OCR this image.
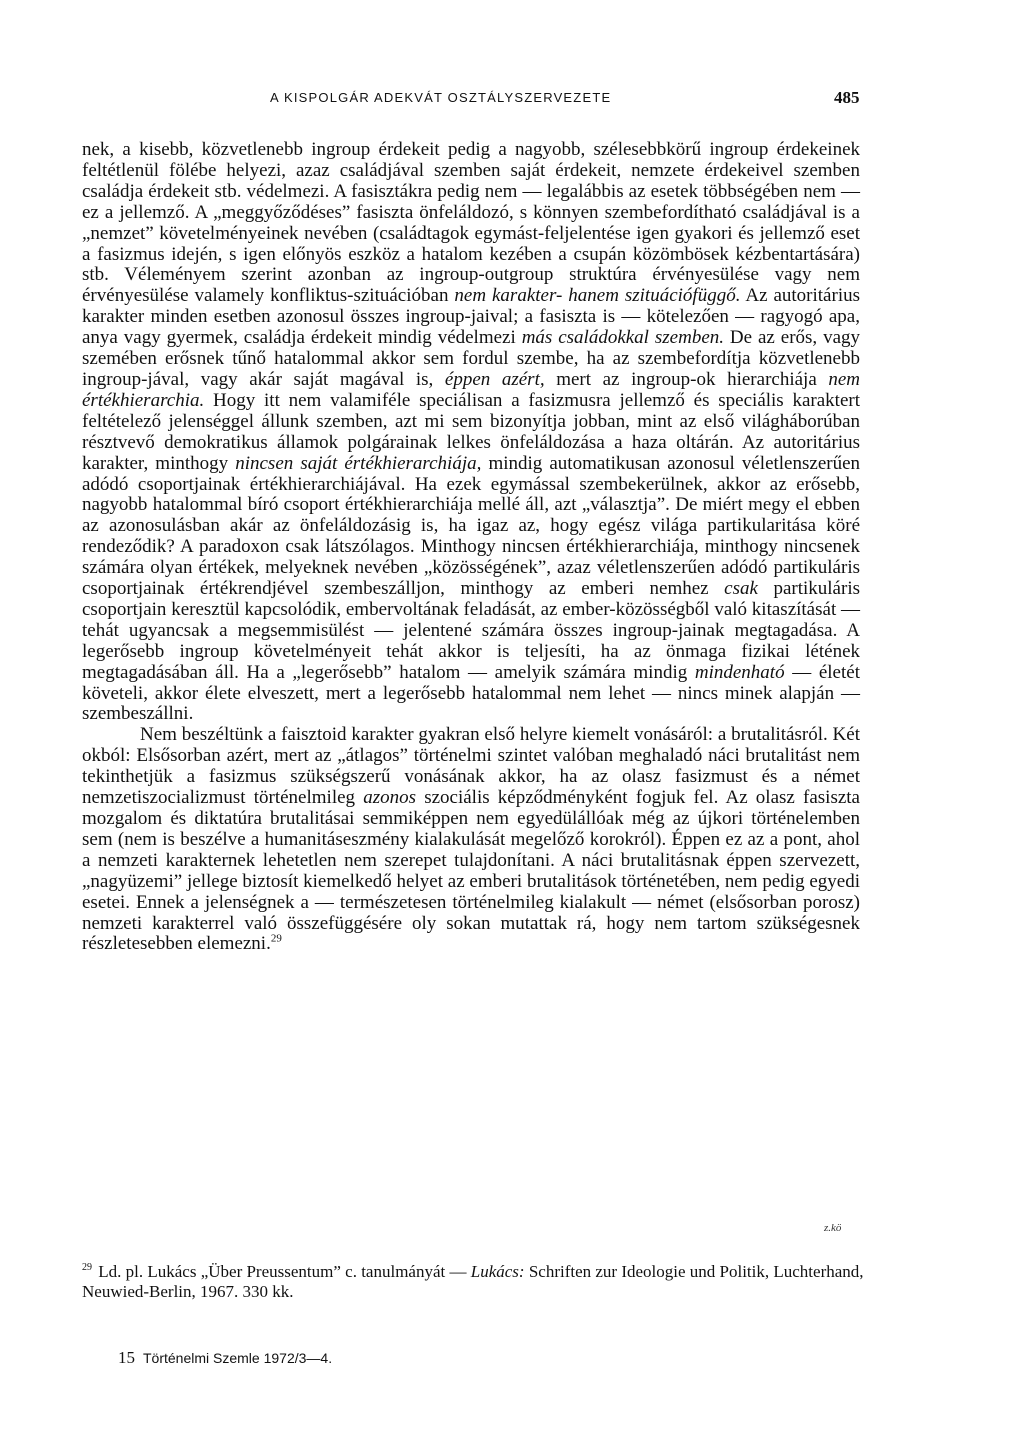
A KISPOLGÁR ADEKVÁT OSZTÁLYSZERVEZETE	485

nek, a kisebb, közvetlenebb ingroup érdekeit pedig a nagyobb, szélesebbkörű ingroup érdekeinek feltétlenül fölébe helyezi, azaz családjával szemben saját érdekeit, nemzete érdekeivel szemben családja érdekeit stb. védelmezi. A fasisztákra pedig nem — legalábbis az esetek többségében nem — ez a jellemző. A „meggyőződéses” fasiszta önfeláldozó, s könnyen szembefordítható családjával is a „nemzet” követelményeinek nevében (családtagok egymást-feljelentése igen gyakori és jellemző eset a fasizmus idején, s igen előnyös eszköz a hatalom kezében a csupán közömbösek kézbentartására) stb. Véleményem szerint azonban az ingroup-outgroup struktúra érvényesülése vagy nem érvényesülése valamely konfliktus-szituációban nem karakter- hanem szituációfüggő. Az autoritárius karakter minden esetben azonosul összes ingroup-jaival; a fasiszta is — kötelezően — ragyogó apa, anya vagy gyermek, családja érdekeit mindig védelmezi más családokkal szemben. De az erős, vagy szemében erősnek tűnő hatalommal akkor sem fordul szembe, ha az szembefordítja közvetlenebb ingroup-jával, vagy akár saját magával is, éppen azért, mert az ingroup-ok hierarchiája nem értékhierarchia. Hogy itt nem valamiféle speciálisan a fasizmusra jellemző és speciális karaktert feltételező jelenséggel állunk szemben, azt mi sem bizonyítja jobban, mint az első világháborúban résztvevő demokratikus államok polgárainak lelkes önfeláldozása a haza oltárán. Az autoritárius karakter, minthogy nincsen saját értékhierarchiája, mindig automatikusan azonosul véletlenszerűen adódó csoportjainak értékhierarchiájával. Ha ezek egymással szembekerülnek, akkor az erősebb, nagyobb hatalommal bíró csoport értékhierarchiája mellé áll, azt „választja”. De miért megy el ebben az azonosulásban akár az önfeláldozásig is, ha igaz az, hogy egész világa partikularitása köré rendeződik? A paradoxon csak látszólagos. Minthogy nincsen értékhierarchiája, minthogy nincsenek számára olyan értékek, melyeknek nevében „közösségének”, azaz véletlenszerűen adódó partikuláris csoportjainak értékrendjével szembeszálljon, minthogy az emberi nemhez csak partikuláris csoportjain keresztül kapcsolódik, embervoltának feladását, az ember-közösségből való kitaszítását — tehát ugyancsak a megsemmisülést — jelentené számára összes ingroup-jainak megtagadása. A legerősebb ingroup követelményeit tehát akkor is teljesíti, ha az önmaga fizikai létének megtagadásában áll. Ha a „legerősebb” hatalom — amelyik számára mindig mindenható — életét követeli, akkor élete elveszett, mert a legerősebb hatalommal nem lehet — nincs minek alapján — szembeszállni.

Nem beszéltünk a faisztoid karakter gyakran első helyre kiemelt vonásáról: a brutalitásról. Két okból: Elsősorban azért, mert az „átlagos” történelmi szintet valóban meghaladó náci brutalitást nem tekinthetjük a fasizmus szükségszerű vonásának akkor, ha az olasz fasizmust és a német nemzetiszocializmust történelmileg azonos szociális képződményként fogjuk fel. Az olasz fasiszta mozgalom és diktatúra brutalitásai semmiképpen nem egyedülállóak még az újkori történelemben sem (nem is beszélve a humanitáseszmény kialakulását megelőző korokról). Éppen ez az a pont, ahol a nemzeti karakternek lehetetlen nem szerepet tulajdonítani. A náci brutalitásnak éppen szervezett, „nagyüzemi” jellege biztosít kiemelkedő helyet az emberi brutalitások történetében, nem pedig egyedi esetei. Ennek a jelenségnek a — természetesen történelmileg kialakult — német (elsősorban porosz) nemzeti karakterrel való összefüggésére oly sokan mutattak rá, hogy nem tartom szükségesnek részletesebben elemezni.$^{29}$

z.kö
$^{29}$ Ld. pl. Lukács „Über Preussentum” c. tanulmányát — Lukács: Schriften zur Ideologie und Politik, Luchterhand, Neuwied-Berlin, 1967. 330 kk.
15 Történelmi Szemle 1972/3—4.
